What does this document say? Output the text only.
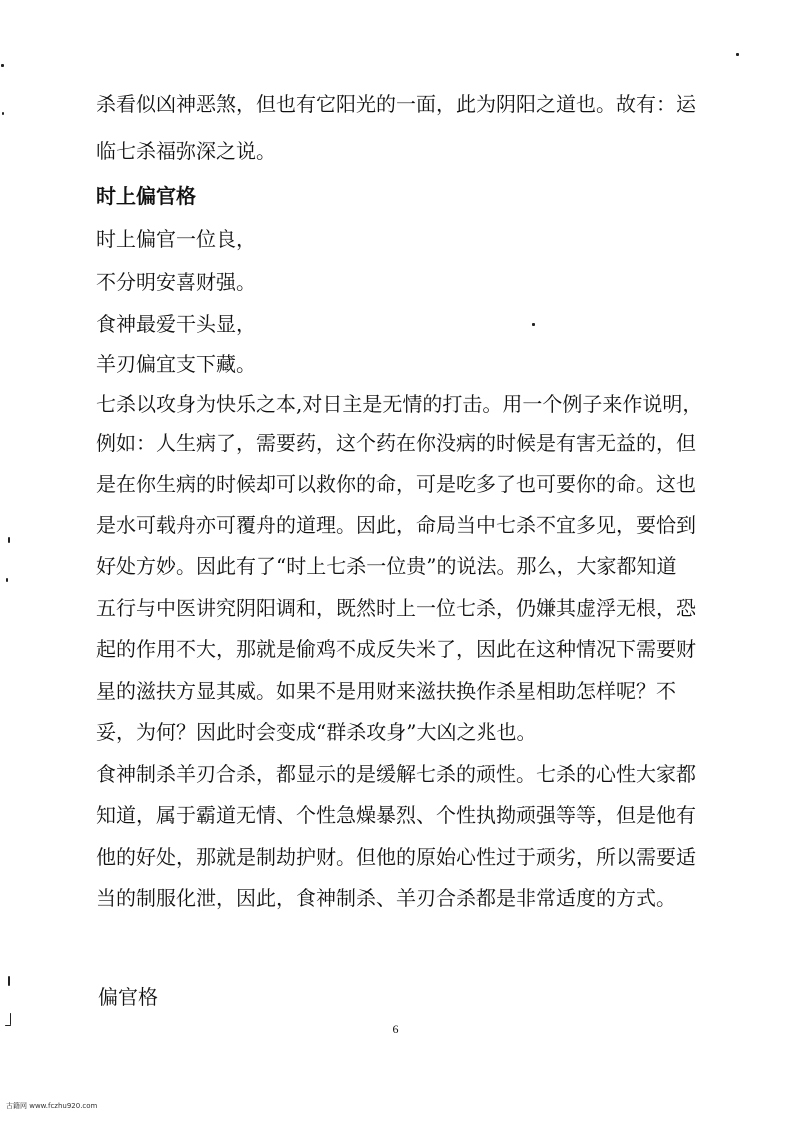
杀看似凶神恶煞，但也有它阳光的一面，此为阴阳之道也。故有：运
临七杀福弥深之说。
时上偏官格
时上偏官一位良，
不分明安喜财强。
食神最爱干头显，
羊刃偏宜支下藏。
七杀以攻身为快乐之本,对日主是无情的打击。用一个例子来作说明，
例如：人生病了，需要药，这个药在你没病的时候是有害无益的，但
是在你生病的时候却可以救你的命，可是吃多了也可要你的命。这也
是水可载舟亦可覆舟的道理。因此，命局当中七杀不宜多见，要恰到
好处方妙。因此有了“时上七杀一位贵”的说法。那么，大家都知道
五行与中医讲究阴阳调和，既然时上一位七杀，仍嫌其虚浮无根，恐
起的作用不大，那就是偷鸡不成反失米了，因此在这种情况下需要财
星的滋扶方显其威。如果不是用财来滋扶换作杀星相助怎样呢？不
妥，为何？因此时会变成“群杀攻身”大凶之兆也。
食神制杀羊刃合杀，都显示的是缓解七杀的顽性。七杀的心性大家都
知道，属于霸道无情、个性急燥暴烈、个性执拗顽强等等，但是他有
他的好处，那就是制劫护财。但他的原始心性过于顽劣，所以需要适
当的制服化泄，因此，食神制杀、羊刃合杀都是非常适度的方式。
偏官格
6
古籍网 www.fczhu920.com
